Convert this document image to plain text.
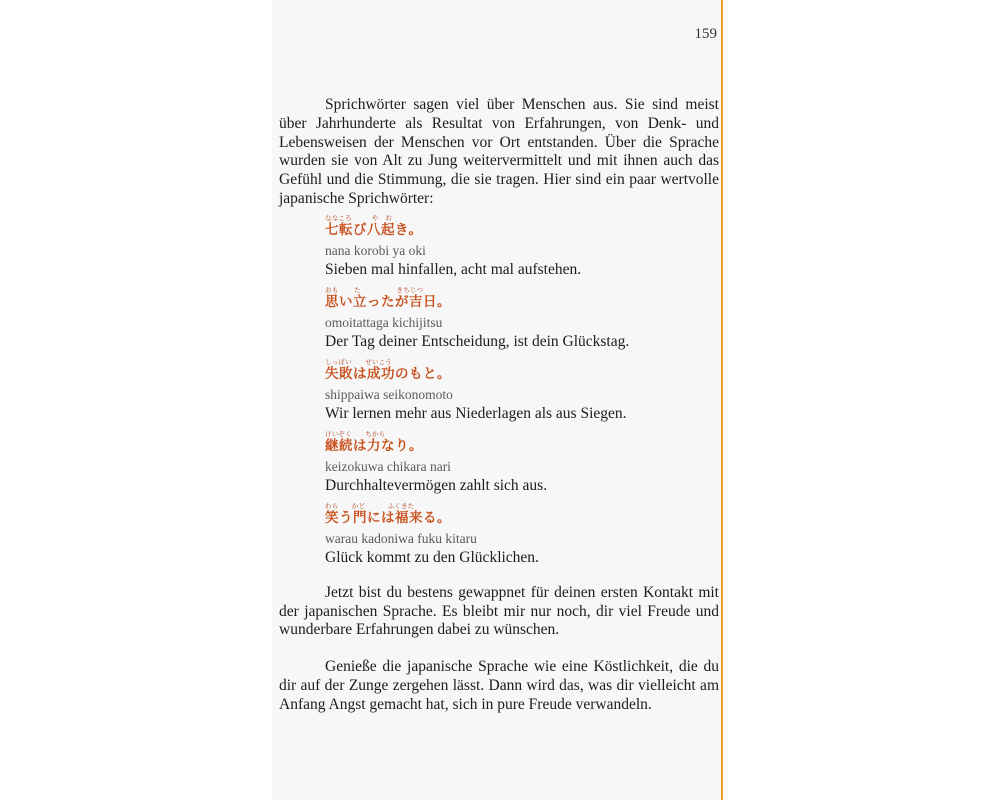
159

Sprichwörter sagen viel über Menschen aus. Sie sind meist über Jahrhunderte als Resultat von Erfahrungen, von Denk- und Lebensweisen der Menschen vor Ort entstanden. Über die Sprache wurden sie von Alt zu Jung weitervermittelt und mit ihnen auch das Gefühl und die Stimmung, die sie tragen. Hier sind ein paar wertvolle japanische Sprichwörter:

ななころ　　　や　お
七転び八起き。
nana korobi ya oki
Sieben mal hinfallen, acht mal aufstehen.
おも　　 た　　　　　 きちじつ
思い立ったが吉日。
omoitattaga kichijitsu
Der Tag deiner Entscheidung, ist dein Glückstag.
しっぱい　　せいこう
失敗は成功のもと。
shippaiwa seikonomoto
Wir lernen mehr aus Niederlagen als aus Siegen.
けいぞく　　ちから
継続は力なり。
keizokuwa chikara nari
Durchhaltevermögen zahlt sich aus.
わら　　かど　　　 ふくきた
笑う門には福来る。
warau kadoniwa fuku kitaru
Glück kommt zu den Glücklichen.

Jetzt bist du bestens gewappnet für deinen ersten Kontakt mit der japanischen Sprache. Es bleibt mir nur noch, dir viel Freude und wunderbare Erfahrungen dabei zu wünschen.

Genieße die japanische Sprache wie eine Köstlichkeit, die du dir auf der Zunge zergehen lässt. Dann wird das, was dir vielleicht am Anfang Angst gemacht hat, sich in pure Freude verwandeln.
